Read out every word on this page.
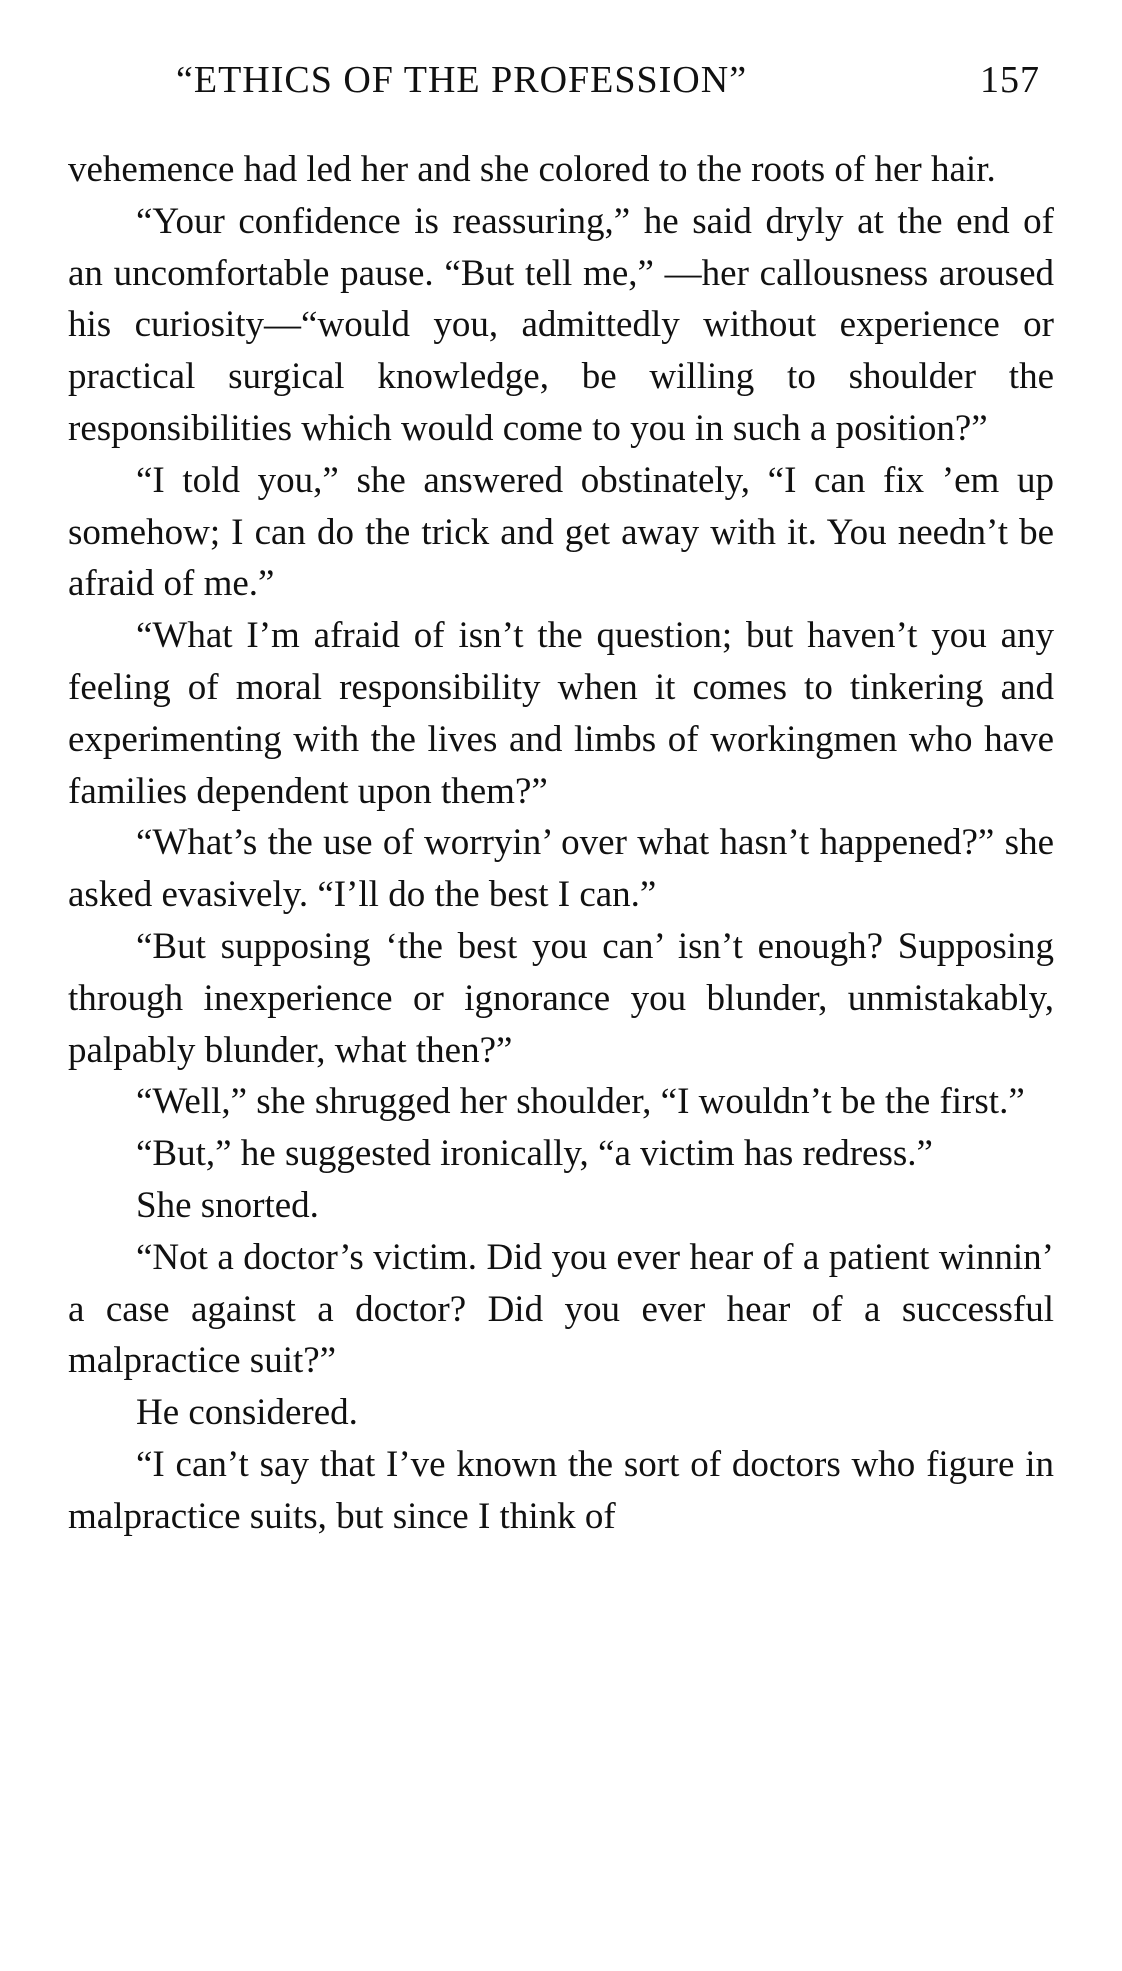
“ETHICS OF THE PROFESSION”	157

vehemence had led her and she colored to the roots of her hair.

“Your confidence is reassuring,” he said dryly at the end of an uncomfortable pause. “But tell me,” —her callousness aroused his curiosity—“would you, admittedly without experience or practical surgical knowledge, be willing to shoulder the responsibilities which would come to you in such a position?”

“I told you,” she answered obstinately, “I can fix ’em up somehow; I can do the trick and get away with it. You needn’t be afraid of me.”

“What I’m afraid of isn’t the question; but haven’t you any feeling of moral responsibility when it comes to tinkering and experimenting with the lives and limbs of workingmen who have families dependent upon them?”

“What’s the use of worryin’ over what hasn’t happened?” she asked evasively. “I’ll do the best I can.”

“But supposing ‘the best you can’ isn’t enough? Supposing through inexperience or ignorance you blunder, unmistakably, palpably blunder, what then?”

“Well,” she shrugged her shoulder, “I wouldn’t be the first.”

“But,” he suggested ironically, “a victim has redress.”

She snorted.

“Not a doctor’s victim. Did you ever hear of a patient winnin’ a case against a doctor? Did you ever hear of a successful malpractice suit?”

He considered.

“I can’t say that I’ve known the sort of doctors who figure in malpractice suits, but since I think of
